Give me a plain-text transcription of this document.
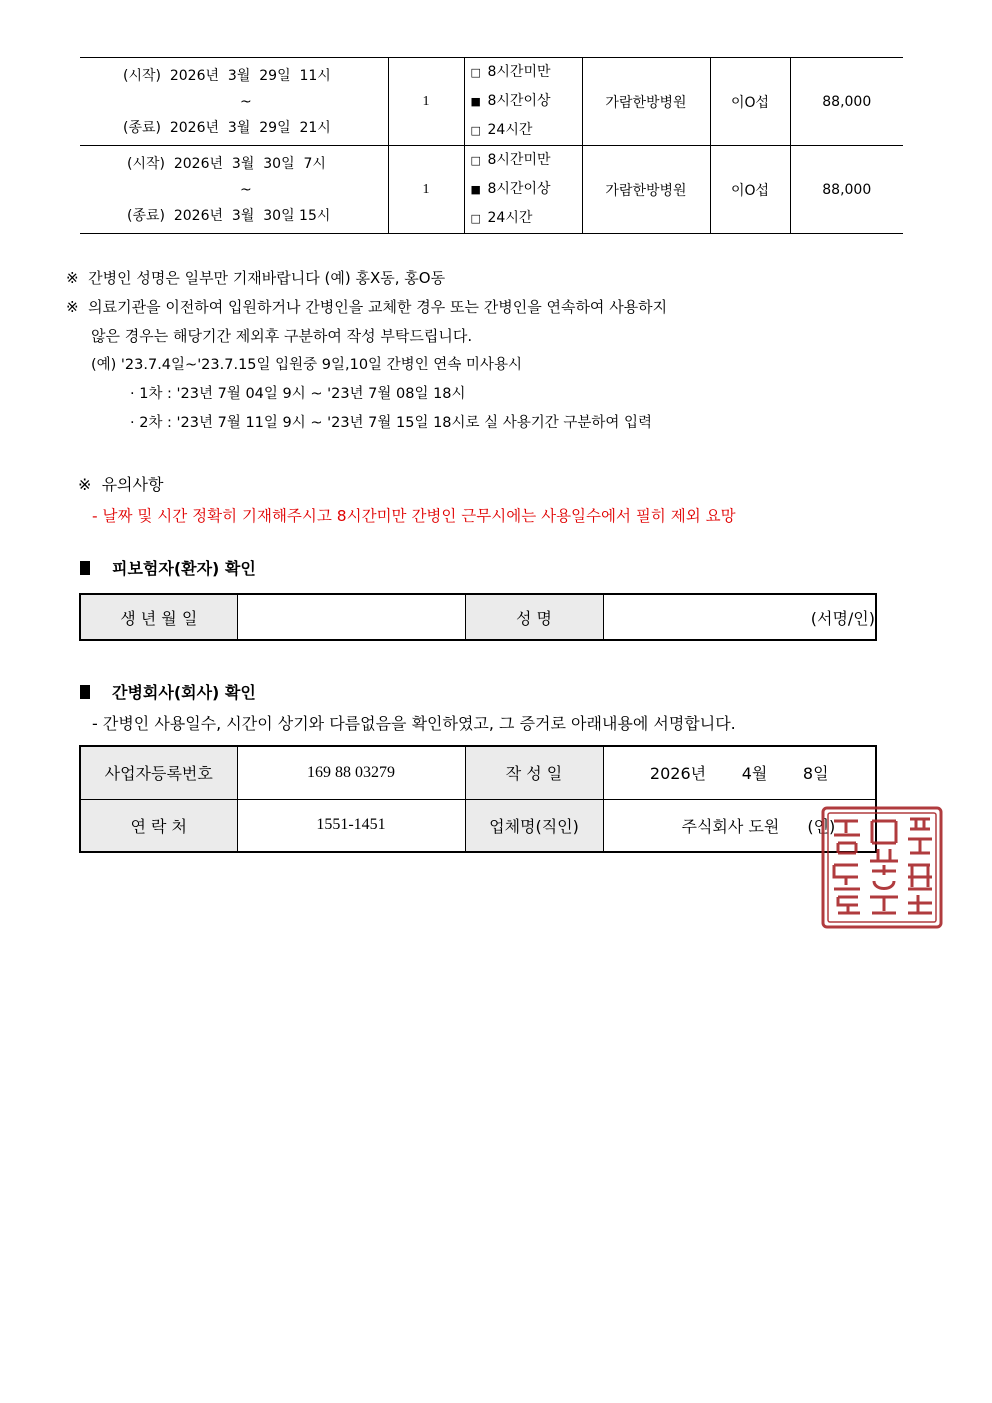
(시작)  2026년  3월  29일  11시
~
(종료)  2026년  3월  29일  21시	1	□ 8시간미만
■ 8시간이상
□ 24시간	가람한방병원	이O섭	88,000

(시작)  2026년  3월  30일  7시
~
(종료)  2026년  3월  30일 15시	1	□ 8시간미만
■ 8시간이상
□ 24시간	가람한방병원	이O섭	88,000
※  간병인 성명은 일부만 기재바랍니다 (예) 홍X동, 홍O동
※  의료기관을 이전하여 입원하거나 간병인을 교체한 경우 또는 간병인을 연속하여 사용하지
않은 경우는 해당기간 제외후 구분하여 작성 부탁드립니다.
(예) '23.7.4일~'23.7.15일 입원중 9일,10일 간병인 연속 미사용시
· 1차 : '23년 7월 04일 9시 ~ '23년 7월 08일 18시
· 2차 : '23년 7월 11일 9시 ~ '23년 7월 15일 18시로 실 사용기간 구분하여 입력
※  유의사항
- 날짜 및 시간 정확히 기재해주시고 8시간미만 간병인 근무시에는 사용일수에서 필히 제외 요망
피보험자(환자) 확인
생 년 월 일		성 명	(서명/인)
간병회사(회사) 확인
- 간병인 사용일수, 시간이 상기와 다름없음을 확인하였고, 그 증거로 아래내용에 서명합니다.
사업자등록번호	169 88 03279	작 성 일	2026년       4월       8일
연 락 처	1551-1451	업체명(직인)	주식회사 도원 (인)
